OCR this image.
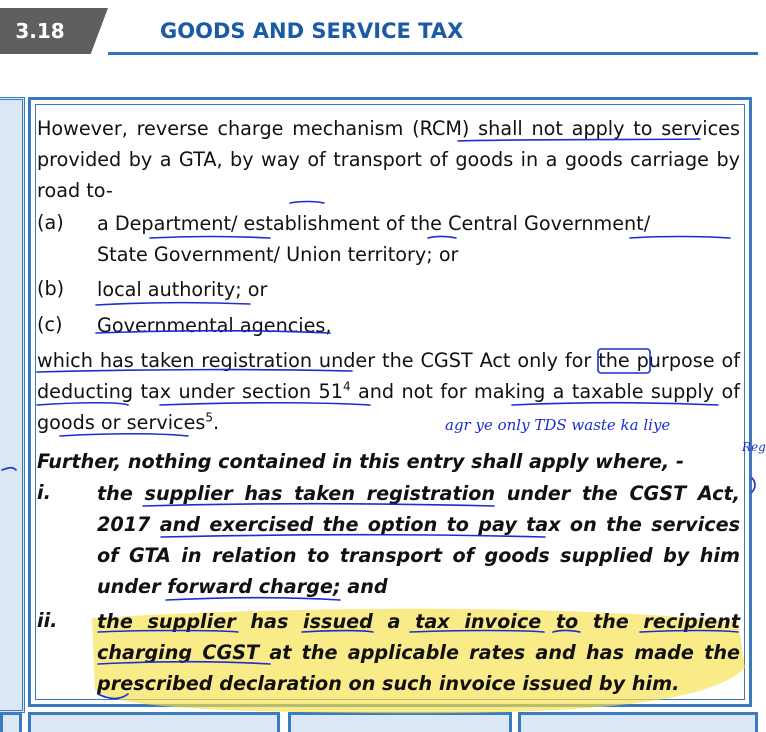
3.18	GOODS AND SERVICE TAX

However, reverse charge mechanism (RCM) shall not apply to services provided by a GTA, by way of transport of goods in a goods carriage by road to-

(a) a Department/ establishment of the Central Government/

State Government/ Union territory; or

(b) local authority; or

(c) Governmental agencies,

which has taken registration under the CGST Act only for the purpose of deducting tax under section $51^4$ and not for making a taxable supply of goods or services$^5$.	agr ye only TDS waste ka liye
Reg

Further, nothing contained in this entry shall apply where, -

i. the supplier has taken registration under the CGST Act, 2017 and exercised the option to pay tax on the services of GTA in relation to transport of goods supplied by him under forward charge; and

ii. the supplier has issued a tax invoice to the recipient charging CGST at the applicable rates and has made the prescribed declaration on such invoice issued by him.
